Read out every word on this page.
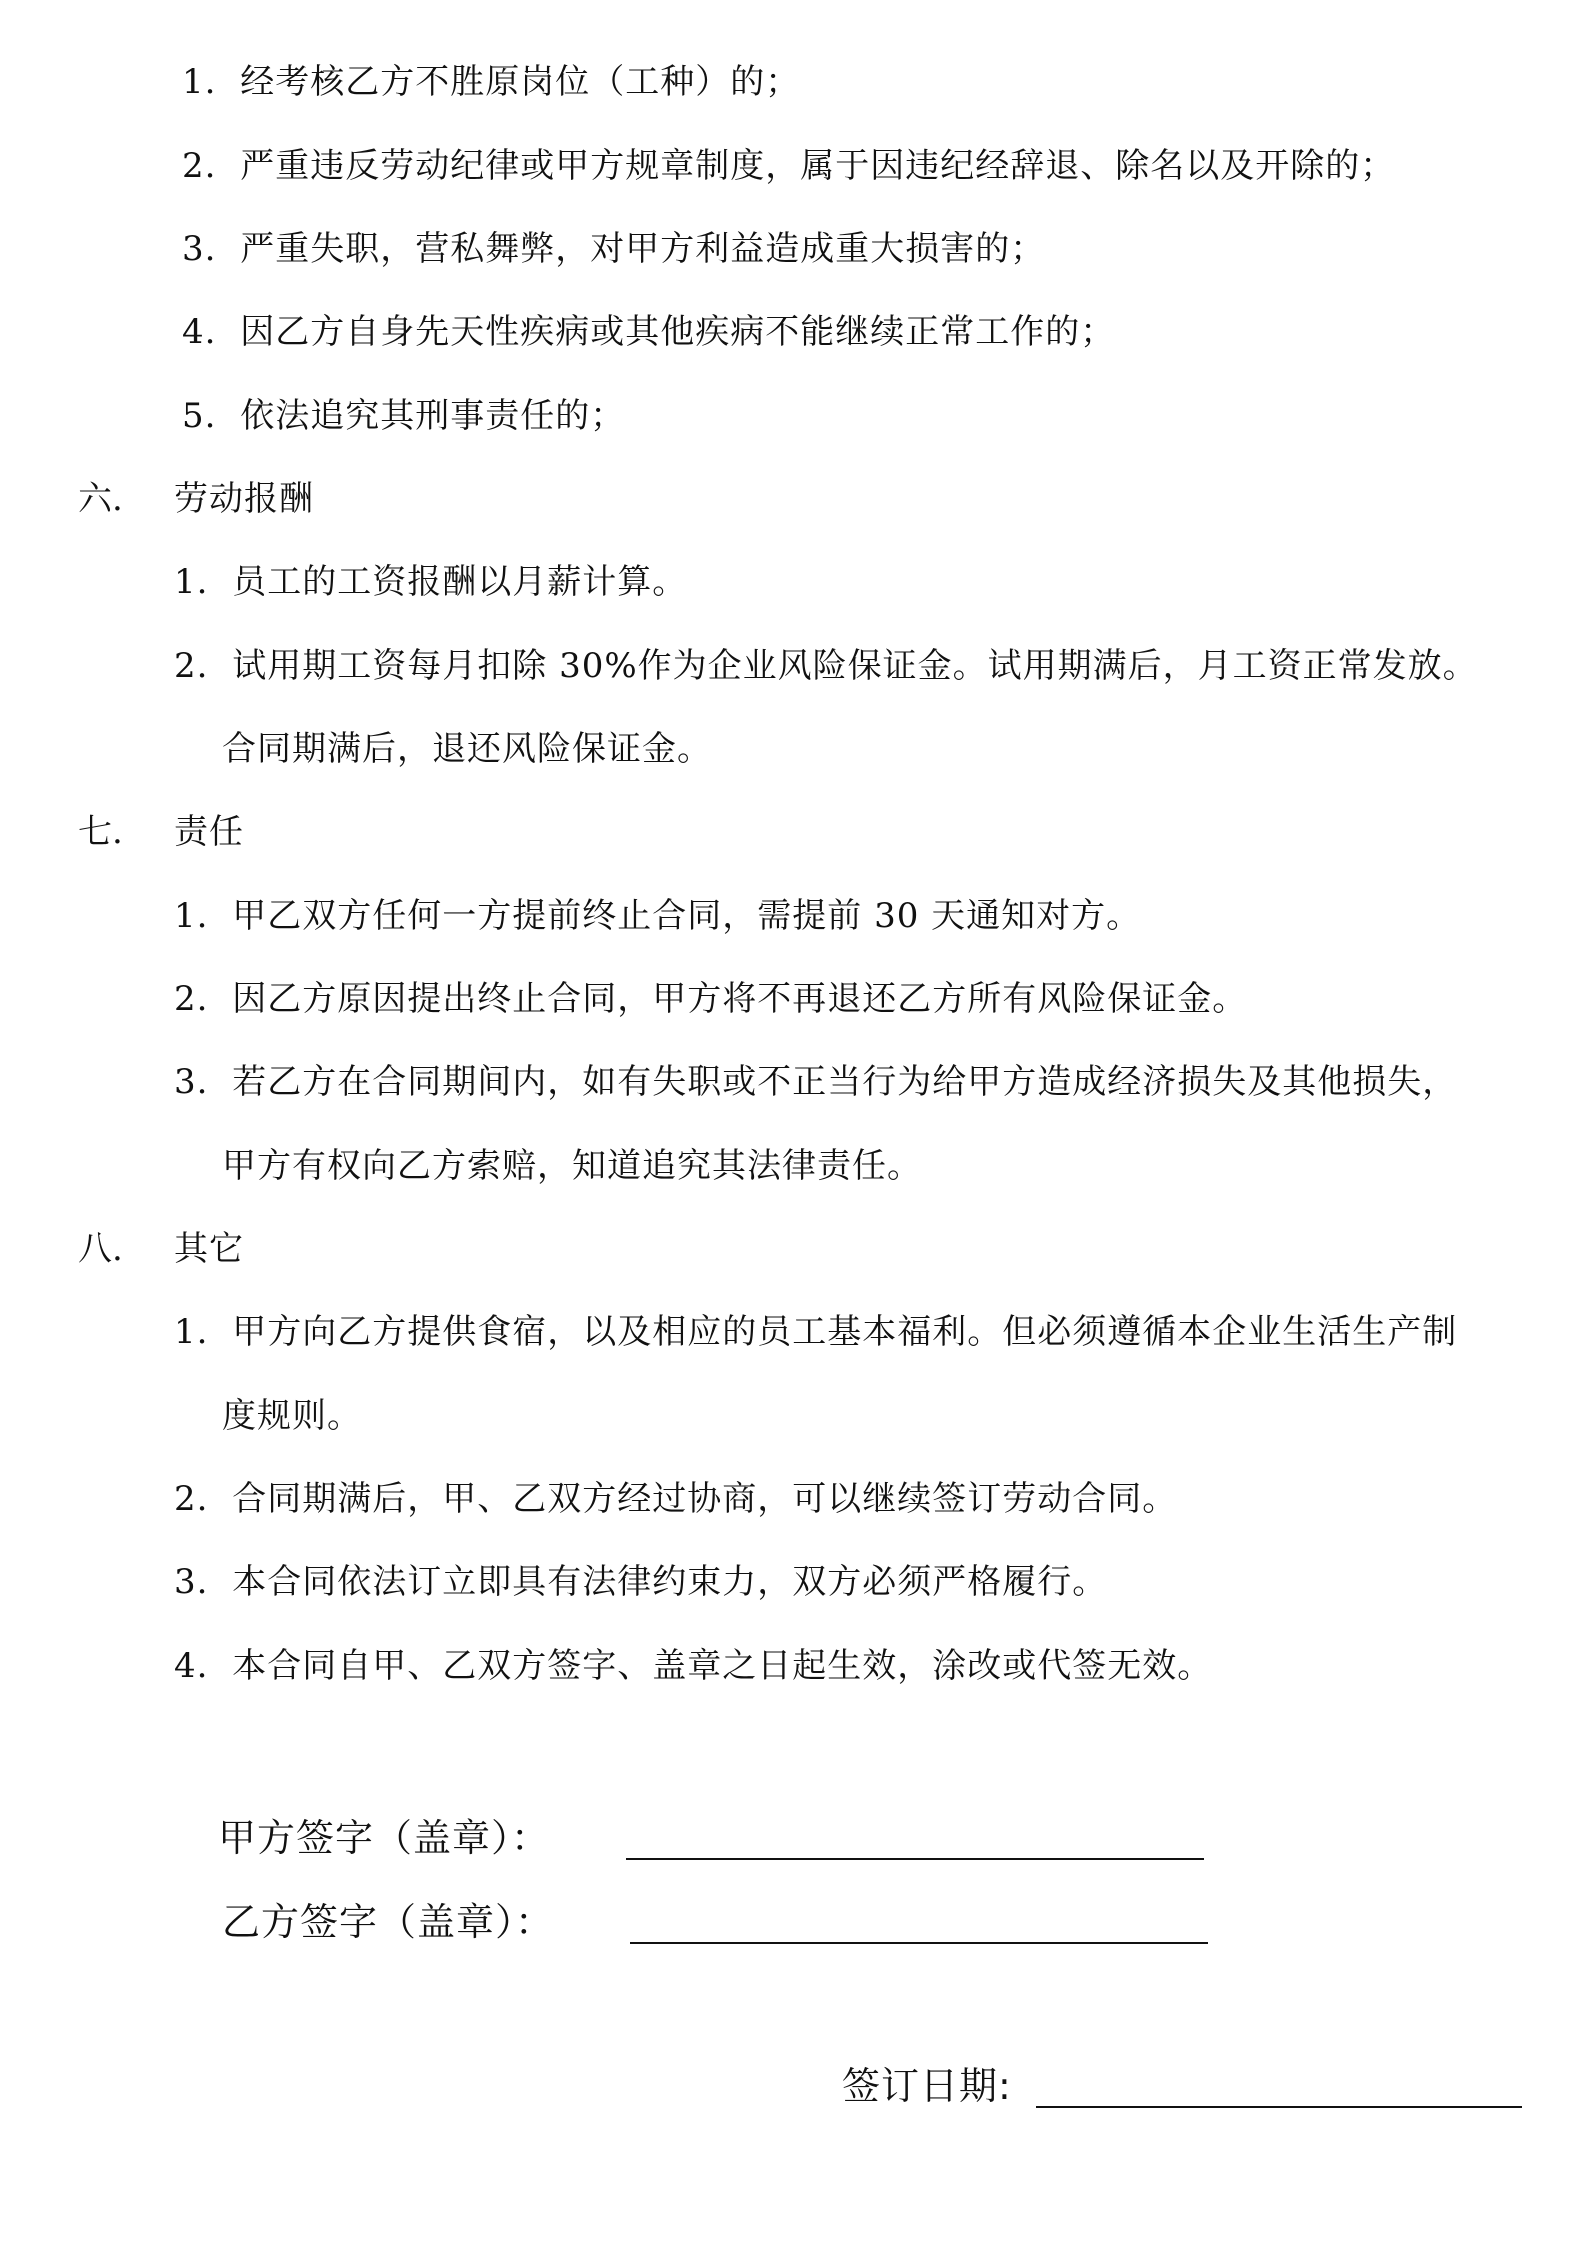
1. 经考核乙方不胜原岗位（工种）的；
2. 严重违反劳动纪律或甲方规章制度，属于因违纪经辞退、除名以及开除的；
3. 严重失职，营私舞弊，对甲方利益造成重大损害的；
4. 因乙方自身先天性疾病或其他疾病不能继续正常工作的；
5. 依法追究其刑事责任的；
六. 劳动报酬
1. 员工的工资报酬以月薪计算。
2. 试用期工资每月扣除 30%作为企业风险保证金。试用期满后，月工资正常发放。
合同期满后，退还风险保证金。
七. 责任
1. 甲乙双方任何一方提前终止合同，需提前 30 天通知对方。
2. 因乙方原因提出终止合同，甲方将不再退还乙方所有风险保证金。
3. 若乙方在合同期间内，如有失职或不正当行为给甲方造成经济损失及其他损失，
甲方有权向乙方索赔，知道追究其法律责任。
八. 其它
1. 甲方向乙方提供食宿，以及相应的员工基本福利。但必须遵循本企业生活生产制
度规则。
2. 合同期满后，甲、乙双方经过协商，可以继续签订劳动合同。
3. 本合同依法订立即具有法律约束力，双方必须严格履行。
4. 本合同自甲、乙双方签字、盖章之日起生效，涂改或代签无效。
甲方签字（盖章）：
乙方签字（盖章）：
签订日期:
